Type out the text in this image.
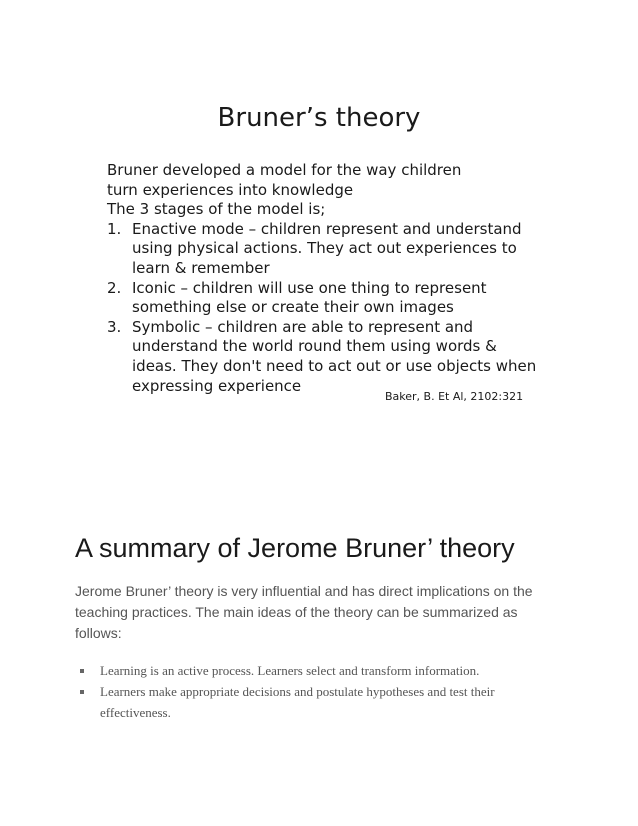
Bruner’s theory
Bruner developed a model for the way children
turn experiences into knowledge
The 3 stages of the model is;
1. Enactive mode – children represent and understand
using physical actions. They act out experiences to
learn & remember
2. Iconic – children will use one thing to represent
something else or create their own images
3. Symbolic – children are able to represent and
understand the world round them using words &
ideas. They don't need to act out or use objects when
expressing experience
Baker, B. Et Al, 2102:321
A summary of Jerome Bruner’ theory

Jerome Bruner’ theory is very influential and has direct implications on the teaching practices. The main ideas of the theory can be summarized as follows:

Learning is an active process. Learners select and transform information.
Learners make appropriate decisions and postulate hypotheses and test their effectiveness.
